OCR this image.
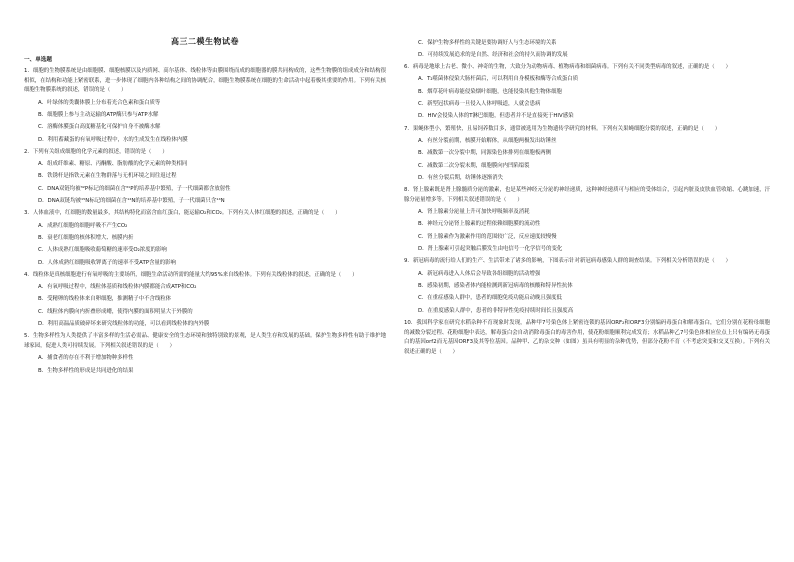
高三二模生物试卷
一、单选题

1．细胞的生物膜系统是由细胞膜、细胞核膜以及内质网、高尔基体、线粒体等由膜围绕而成的细胞器的膜共同构成的，这些生物膜的组成成分和结构很相似，在结构和功能上紧密联系，进一步体现了细胞内各种结构之间的协调配合，细胞生物膜系统在细胞的生命活动中起着极其重要的作用。下列有关核细胞生物膜系统的叙述，错误的是（　　）

A．叶绿体的类囊体膜上分布着光合色素和蛋白质等

B．细胞膜上参与主动运输的ATP酶只参与ATP水解

C．溶酶体膜蛋白高度糖基化可保护自身不被酶水解

D．利用蓄藏蛋的有氧呼吸过程中，水的生成发生在线粒体内膜

2．下列有关组成细胞的化学元素的叙述，错误的是（　　）

A．组成纤维素、糖原、丙酮酸、脂肪酸的化学元素的种类相同

B．铁锈杆是指铁元素在生物群落与无机环境之间往返过程

C．DNA双链均被³²P标记的细菌在含³¹P的培养基中繁殖，子一代细菌都含放射性

D．DNA双链均被¹⁵N标记的细菌在含¹⁴N的培养基中繁殖，子一代细菌只含¹⁴N

3．人体血液中，红细胞的数量最多，其结构特化而富含血红蛋白，能运输O₂和CO₂。下列有关人体红细胞的叙述，正确的是（　　）

A．成熟红细胞的细胞呼吸不产生CO₂

B．衰老红细胞的核体积增大、核膜内折

C．人体成熟红细胞吸收葡萄糖的速率受O₂浓度的影响

D．人体成熟红细胞吸收钾离子的速率不受ATP含量的影响

4．线粒体是真核细胞进行有氧呼吸的主要场所，细胞生命活动所需的能量大约95%来自线粒体。下列有关线粒体的叙述，正确的是（　　）

A．有氧呼吸过程中，线粒体基质和线粒体内膜都能合成ATP和CO₂

B．受精卵的线粒体来自卵细胞，推测精子中不含线粒体

C．线粒体内膜向内折叠形成嵴，使得内膜的面积明显大于外膜的

D．利用高温品质破碎坏来研究线粒体的功能，可以看到线粒体的内外膜

5．生物多样性为人类提供了丰富多样的生活必需品、健康安全的生态环境和独特别致的景观，是人类生存和发展的基础。保护生物多样性有助于维护地球家园，促进人类可持续发展。下列相关叙述错误的是（　　）

A．捕食者的存在不利于增加物种多样性

B．生物多样性的形成是共同进化的结果

C．保护生物多样性的关键是要协调好人与生态环境的关系

D．可持续发展追求的是自然、经济和社会的持久而协调的发展

6．病毒是地球上古老、微小、神奇的生物，大致分为动物病毒、植物病毒和细菌病毒。下列有关不同类型病毒的叙述，正确的是（　　）

A．T₂噬菌体侵染大肠杆菌后，可以利用自身模板和酶等合成蛋白质

B．烟草花叶病毒能侵染烟叶细胞，也能侵染其他生物体细胞

C．新型冠状病毒一旦侵入人体呼吸道，人就会患病

D．HIV会侵染人体的T淋巴细胞，但患者并不是直接死于HIV感染

7．果蝇体型小，繁殖快，且易饲养数目多，通常被选用为生物遗传学研究的材料。下列有关果蝇细胞分裂的叙述，正确的是（　　）

A．有丝分裂前期，核膜开始解体，从细胞两极发出纺锤丝

B．减数第一次分裂中期，同源染色体排列在细胞板两侧

C．减数第二次分裂末期，细胞膜向内凹陷缢裂

D．有丝分裂后期，纺锤体逐渐消失

8．肾上腺素既是肾上腺髓质分泌的激素，也是某些神经元分泌的神经递质，这种神经递质可与相应的受体结合，引起内脏及皮肤血管收缩、心跳加速，汗腺分泌量增多等。下列相关叙述错误的是（　　）

A．肾上腺素分泌量上升可加快呼吸频率及消耗

B．神经元分泌肾上腺素的过程依赖细胞膜的流动性

C．肾上腺素作为激素作用的范围较广泛，反应速度较慢慢

D．肾上腺素可引起突触后膜发生由电信号一化学信号的变化

9．新冠病毒的流行给人们的生产、生活带来了诸多的影响，下图表示针对新冠病毒感染人群的调查结果。下列相关分析错误的是（　　）

A．新冠病毒进入人体后会导致各组细胞的活动增强

B．感染初期，感染者体内能检测到新冠病毒的核酸和特异性抗体

C．在重症感染人群中，患者的细胞免疫功能启动晚且强度低

D．在重度感染人群中，患者的非特异性免疫持续时间长且强度高

10．我国科学家在研究水稻杂种不育现象时发现，品种甲7号染色体上紧密连锁的基因ORF₂和ORF3分别编码毒蛋白和解毒蛋白，它们分别在花粉母细胞的减数分裂过程、花粉细胞中表达，解毒蛋白会自动消除毒蛋白的毒害作用，使花粉细胞顺利完成发育；水稻品种乙7号染色体相应位点上只有编码无毒蛋白的基因orf2而无基因ORF3及其等位基因。品种甲、乙的杂交种（如图）虽具有明显的杂种优势，但部分花粉不育（不考虑突变和交叉互换）。下列有关叙述正确的是（　　）
